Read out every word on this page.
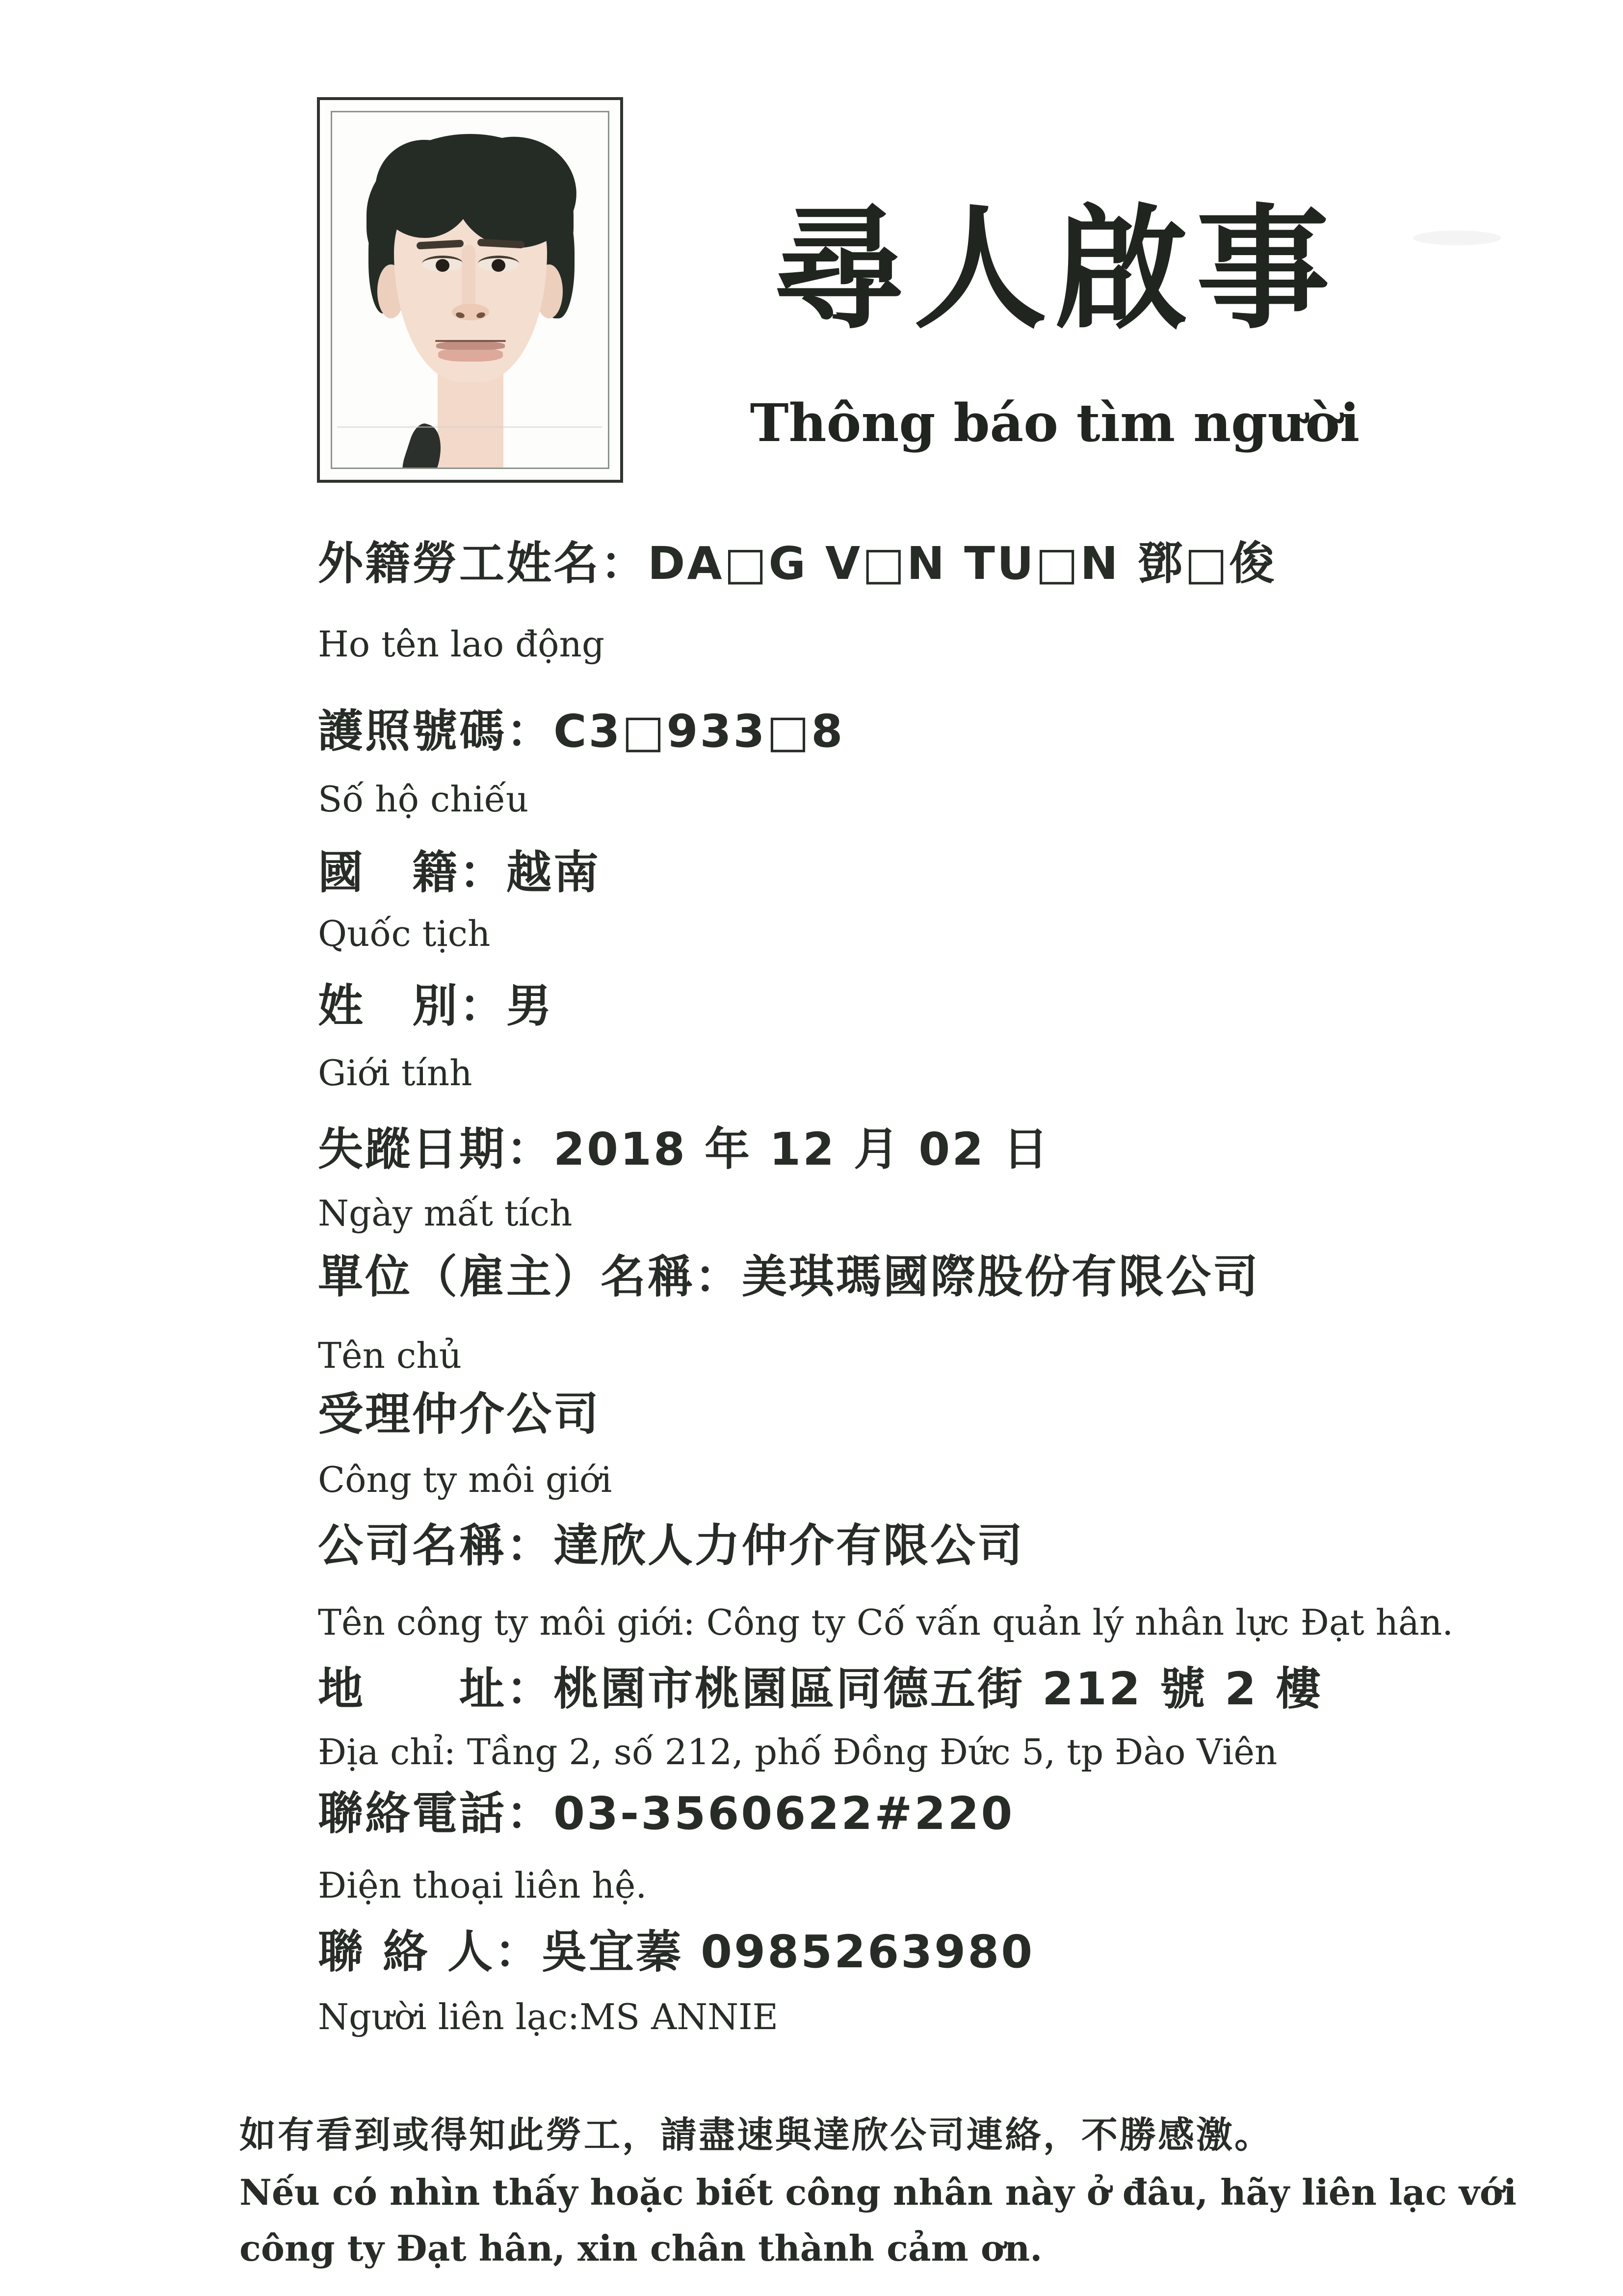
尋人啟事
Thông báo tìm người
外籍勞工姓名：DA□G V□N TU□N 鄧□俊
Ho tên lao động
護照號碼：C3□933□8
Số hộ chiếu
國　籍：越南
Quốc tịch
姓　別：男
Giới tính
失蹤日期：2018 年 12 月 02 日
Ngày mất tích
單位（雇主）名稱：美琪瑪國際股份有限公司
Tên chủ
受理仲介公司
Công ty môi giới
公司名稱：達欣人力仲介有限公司
Tên công ty môi giới: Công ty Cố vấn quản lý nhân lực Đạt hân.
地　　址：桃園市桃園區同德五街 212 號 2 樓
Địa chỉ: Tầng 2, số 212, phố Đồng Đức 5, tp Đào Viên
聯絡電話：03-3560622#220
Điện thoại liên hệ.
聯 絡 人：吳宜蓁 0985263980
Người liên lạc:MS ANNIE
如有看到或得知此勞工，請盡速與達欣公司連絡，不勝感激。
Nếu có nhìn thấy hoặc biết công nhân này ở đâu, hãy liên lạc với
công ty Đạt hân, xin chân thành cảm ơn.
